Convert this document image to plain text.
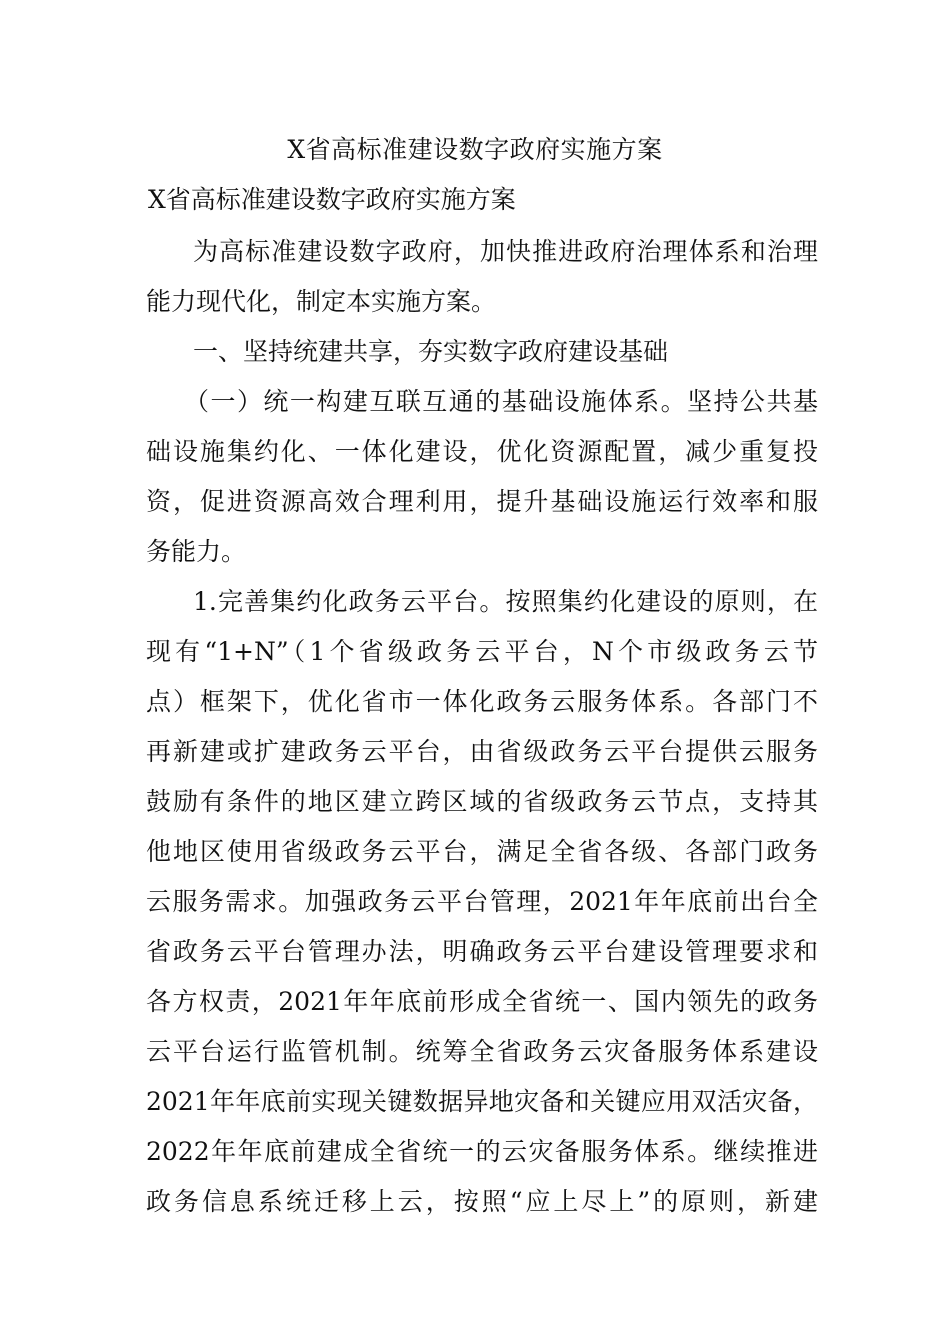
X省高标准建设数字政府实施方案
X省高标准建设数字政府实施方案
为高标准建设数字政府，加快推进政府治理体系和治理
能力现代化，制定本实施方案。
一、坚持统建共享，夯实数字政府建设基础
（一）统一构建互联互通的基础设施体系。坚持公共基
础设施集约化、一体化建设，优化资源配置，减少重复投
资，促进资源高效合理利用，提升基础设施运行效率和服
务能力。
1.完善集约化政务云平台。按照集约化建设的原则，在
现有“1+N”（1个省级政务云平台，N个市级政务云节
点）框架下，优化省市一体化政务云服务体系。各部门不
再新建或扩建政务云平台，由省级政务云平台提供云服务
鼓励有条件的地区建立跨区域的省级政务云节点，支持其
他地区使用省级政务云平台，满足全省各级、各部门政务
云服务需求。加强政务云平台管理，2021年年底前出台全
省政务云平台管理办法，明确政务云平台建设管理要求和
各方权责，2021年年底前形成全省统一、国内领先的政务
云平台运行监管机制。统筹全省政务云灾备服务体系建设
2021年年底前实现关键数据异地灾备和关键应用双活灾备，
2022年年底前建成全省统一的云灾备服务体系。继续推进
政务信息系统迁移上云，按照“应上尽上”的原则，新建
